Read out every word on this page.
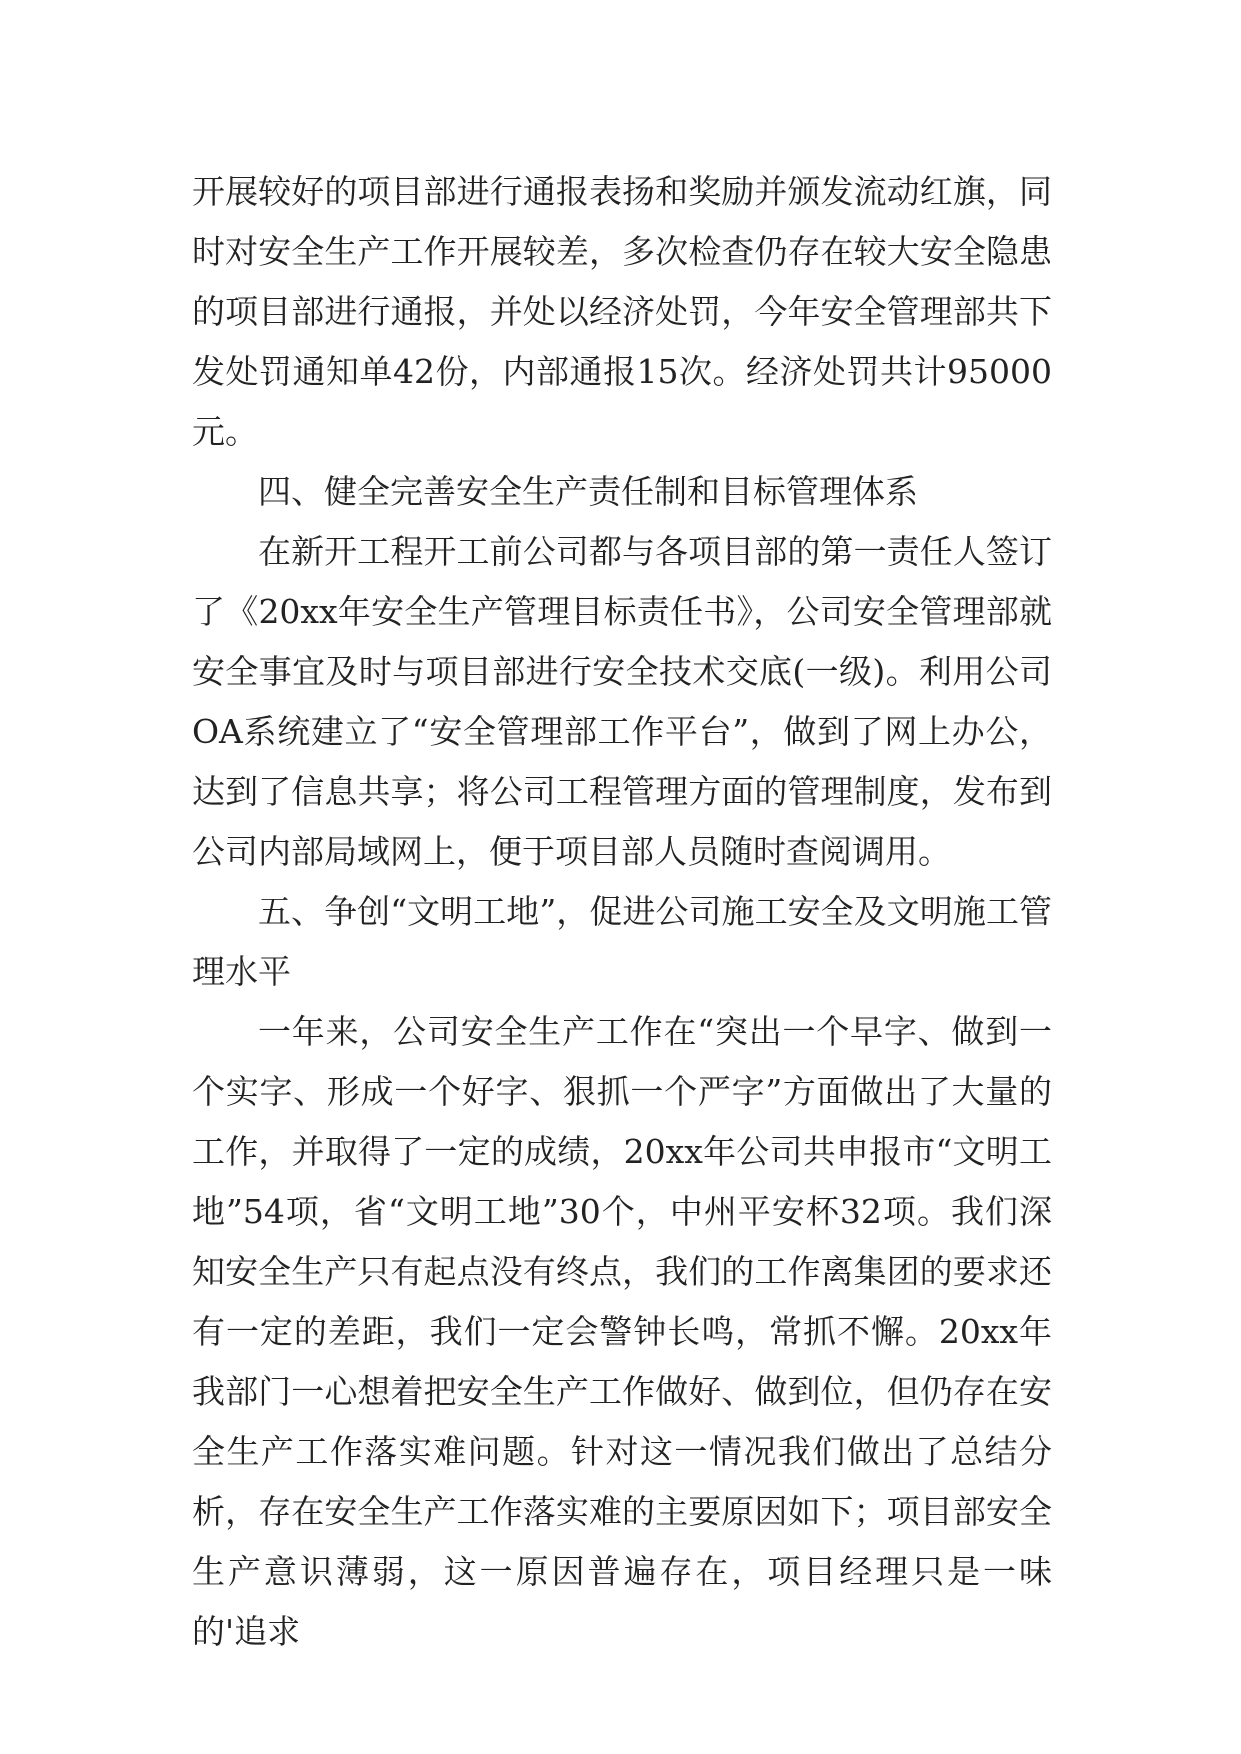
开展较好的项目部进行通报表扬和奖励并颁发流动红旗，同时对安全生产工作开展较差，多次检查仍存在较大安全隐患的项目部进行通报，并处以经济处罚，今年安全管理部共下发处罚通知单42份，内部通报15次。经济处罚共计95000元。

四、健全完善安全生产责任制和目标管理体系

在新开工程开工前公司都与各项目部的第一责任人签订了《20xx年安全生产管理目标责任书》，公司安全管理部就安全事宜及时与项目部进行安全技术交底(一级)。利用公司OA系统建立了“安全管理部工作平台”，做到了网上办公，达到了信息共享；将公司工程管理方面的管理制度，发布到公司内部局域网上，便于项目部人员随时查阅调用。

五、争创“文明工地”，促进公司施工安全及文明施工管理水平

一年来，公司安全生产工作在“突出一个早字、做到一个实字、形成一个好字、狠抓一个严字”方面做出了大量的工作，并取得了一定的成绩，20xx年公司共申报市“文明工地”54项，省“文明工地”30个，中州平安杯32项。我们深知安全生产只有起点没有终点，我们的工作离集团的要求还有一定的差距，我们一定会警钟长鸣，常抓不懈。20xx年我部门一心想着把安全生产工作做好、做到位，但仍存在安全生产工作落实难问题。针对这一情况我们做出了总结分析，存在安全生产工作落实难的主要原因如下；项目部安全生产意识薄弱，这一原因普遍存在，项目经理只是一味的'追求
